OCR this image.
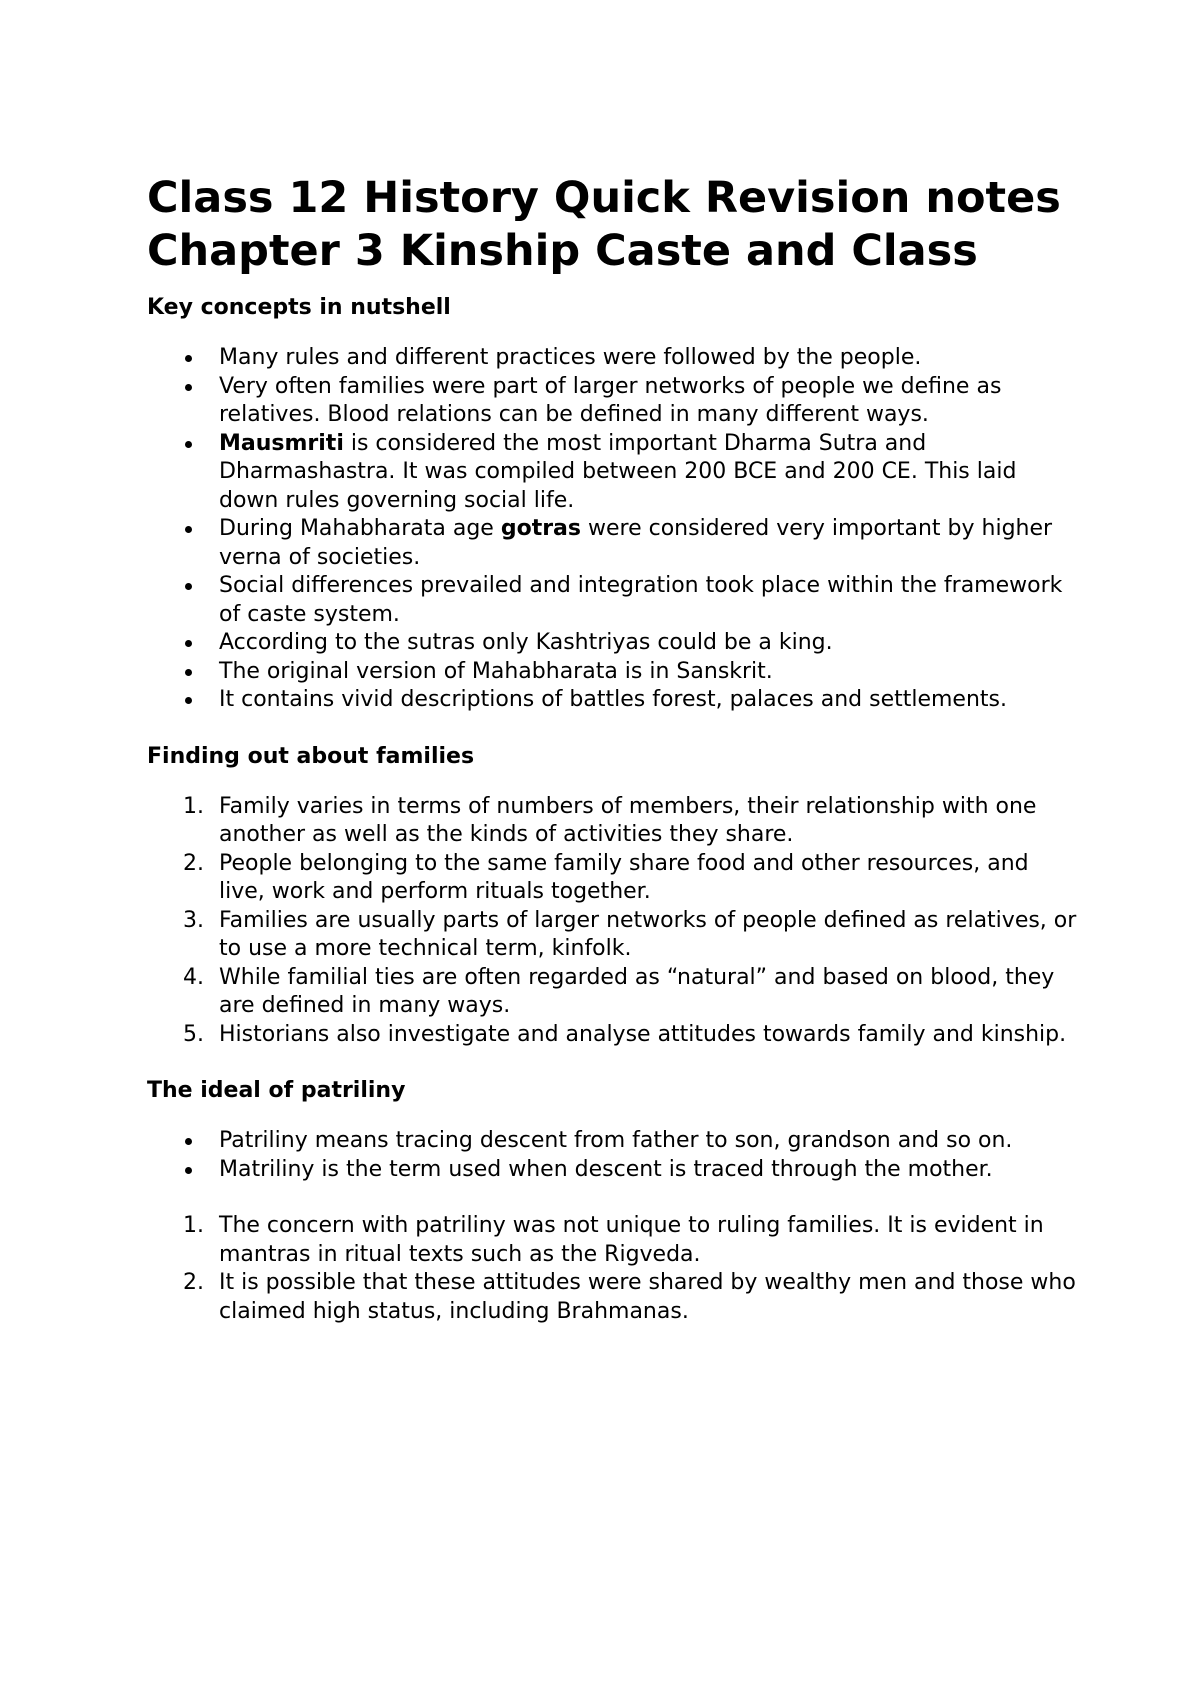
Class 12 History Quick Revision notes Chapter 3 Kinship Caste and Class
Key concepts in nutshell
Many rules and different practices were followed by the people.
Very often families were part of larger networks of people we define as relatives. Blood relations can be defined in many different ways.
Mausmriti is considered the most important Dharma Sutra and Dharmashastra. It was compiled between 200 BCE and 200 CE. This laid down rules governing social life.
During Mahabharata age gotras were considered very important by higher verna of societies.
Social differences prevailed and integration took place within the framework of caste system.
According to the sutras only Kashtriyas could be a king.
The original version of Mahabharata is in Sanskrit.
It contains vivid descriptions of battles forest, palaces and settlements.
Finding out about families
1. Family varies in terms of numbers of members, their relationship with one another as well as the kinds of activities they share.
2. People belonging to the same family share food and other resources, and live, work and perform rituals together.
3. Families are usually parts of larger networks of people defined as relatives, or to use a more technical term, kinfolk.
4. While familial ties are often regarded as “natural” and based on blood, they are defined in many ways.
5. Historians also investigate and analyse attitudes towards family and kinship.
The ideal of patriliny
Patriliny means tracing descent from father to son, grandson and so on.
Matriliny is the term used when descent is traced through the mother.
1. The concern with patriliny was not unique to ruling families. It is evident in mantras in ritual texts such as the Rigveda.
2. It is possible that these attitudes were shared by wealthy men and those who claimed high status, including Brahmanas.
